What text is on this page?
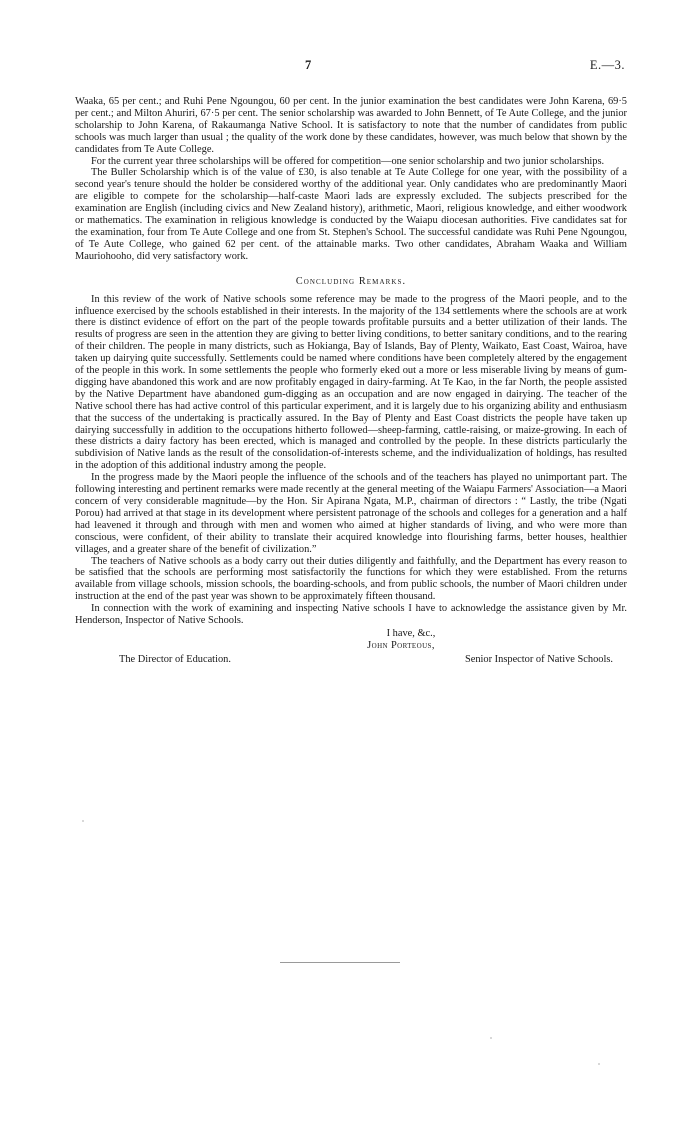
7	E.—3.

Waaka, 65 per cent.; and Ruhi Pene Ngoungou, 60 per cent. In the junior examination the best candidates were John Karena, 69·5 per cent.; and Milton Ahuriri, 67·5 per cent. The senior scholarship was awarded to John Bennett, of Te Aute College, and the junior scholarship to John Karena, of Rakaumanga Native School. It is satisfactory to note that the number of candidates from public schools was much larger than usual ; the quality of the work done by these candidates, however, was much below that shown by the candidates from Te Aute College.

For the current year three scholarships will be offered for competition—one senior scholarship and two junior scholarships.

The Buller Scholarship which is of the value of £30, is also tenable at Te Aute College for one year, with the possibility of a second year's tenure should the holder be considered worthy of the additional year. Only candidates who are predominantly Maori are eligible to compete for the scholarship—half-caste Maori lads are expressly excluded. The subjects prescribed for the examination are English (including civics and New Zealand history), arithmetic, Maori, religious knowledge, and either woodwork or mathematics. The examination in religious knowledge is conducted by the Waiapu diocesan authorities. Five candidates sat for the examination, four from Te Aute College and one from St. Stephen's School. The successful candidate was Ruhi Pene Ngoungou, of Te Aute College, who gained 62 per cent. of the attainable marks. Two other candidates, Abraham Waaka and William Mauriohooho, did very satisfactory work.

Concluding Remarks.

In this review of the work of Native schools some reference may be made to the progress of the Maori people, and to the influence exercised by the schools established in their interests. In the majority of the 134 settlements where the schools are at work there is distinct evidence of effort on the part of the people towards profitable pursuits and a better utilization of their lands. The results of progress are seen in the attention they are giving to better living conditions, to better sanitary conditions, and to the rearing of their children. The people in many districts, such as Hokianga, Bay of Islands, Bay of Plenty, Waikato, East Coast, Wairoa, have taken up dairying quite successfully. Settlements could be named where conditions have been completely altered by the engagement of the people in this work. In some settlements the people who formerly eked out a more or less miserable living by means of gum-digging have abandoned this work and are now profitably engaged in dairy-farming. At Te Kao, in the far North, the people assisted by the Native Department have abandoned gum-digging as an occupation and are now engaged in dairying. The teacher of the Native school there has had active control of this particular experiment, and it is largely due to his organizing ability and enthusiasm that the success of the undertaking is practically assured. In the Bay of Plenty and East Coast districts the people have taken up dairying successfully in addition to the occupations hitherto followed—sheep-farming, cattle-raising, or maize-growing. In each of these districts a dairy factory has been erected, which is managed and controlled by the people. In these districts particularly the subdivision of Native lands as the result of the consolidation-of-interests scheme, and the individualization of holdings, has resulted in the adoption of this additional industry among the people.

In the progress made by the Maori people the influence of the schools and of the teachers has played no unimportant part. The following interesting and pertinent remarks were made recently at the general meeting of the Waiapu Farmers' Association—a Maori concern of very considerable magnitude—by the Hon. Sir Apirana Ngata, M.P., chairman of directors : “ Lastly, the tribe (Ngati Porou) had arrived at that stage in its development where persistent patronage of the schools and colleges for a generation and a half had leavened it through and through with men and women who aimed at higher standards of living, and who were more than conscious, were confident, of their ability to translate their acquired knowledge into flourishing farms, better houses, healthier villages, and a greater share of the benefit of civilization.”

The teachers of Native schools as a body carry out their duties diligently and faithfully, and the Department has every reason to be satisfied that the schools are performing most satisfactorily the functions for which they were established. From the returns available from village schools, mission schools, the boarding-schools, and from public schools, the number of Maori children under instruction at the end of the past year was shown to be approximately fifteen thousand.

In connection with the work of examining and inspecting Native schools I have to acknowledge the assistance given by Mr. Henderson, Inspector of Native Schools.

I have, &c.,

John Porteous,

The Director of Education.	Senior Inspector of Native Schools.
